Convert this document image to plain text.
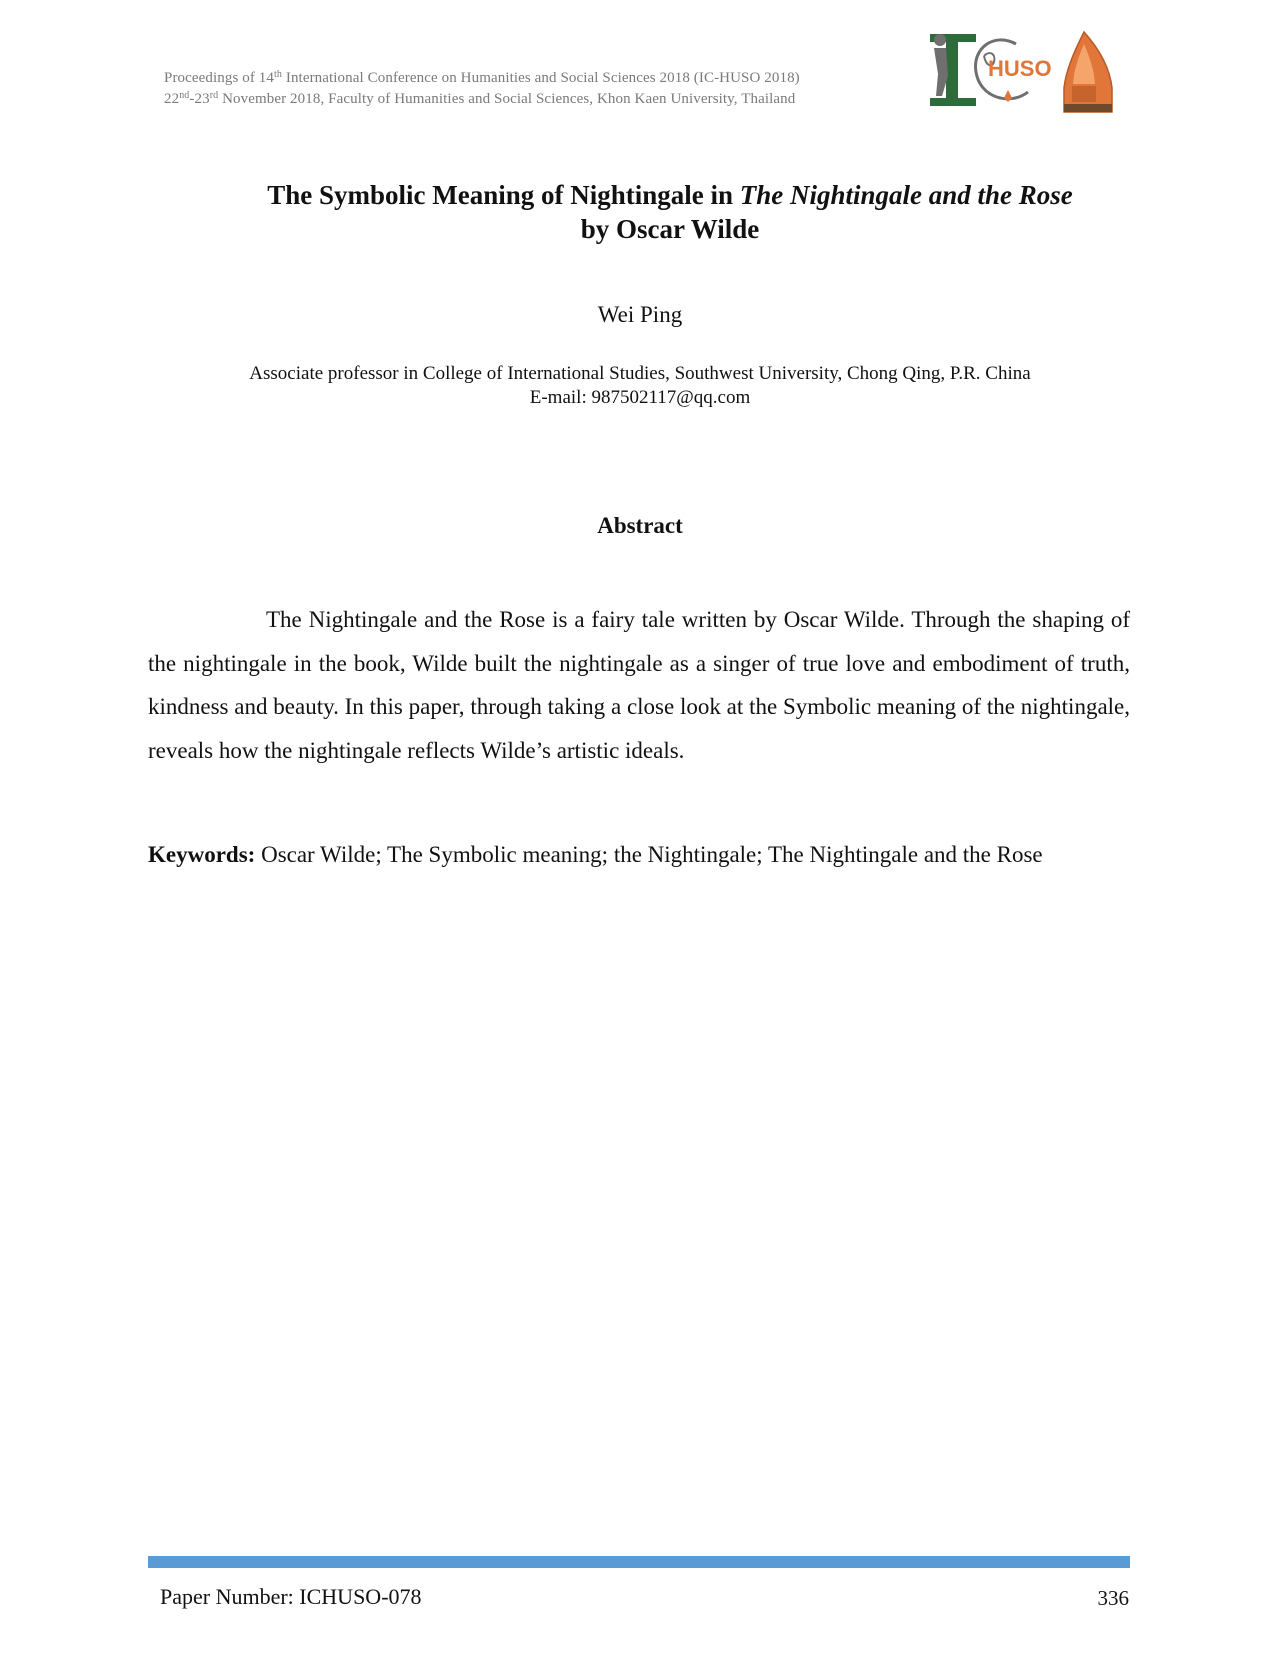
Proceedings of 14th International Conference on Humanities and Social Sciences 2018 (IC-HUSO 2018)
22nd-23rd November 2018, Faculty of Humanities and Social Sciences, Khon Kaen University, Thailand
HUSO
The Symbolic Meaning of Nightingale in The Nightingale and the Rose
by Oscar Wilde
Wei Ping
Associate professor in College of International Studies, Southwest University, Chong Qing, P.R. China
E-mail: 987502117@qq.com
Abstract
The Nightingale and the Rose is a fairy tale written by Oscar Wilde. Through the shaping of the nightingale in the book, Wilde built the nightingale as a singer of true love and embodiment of truth, kindness and beauty. In this paper, through taking a close look at the Symbolic meaning of the nightingale, reveals how the nightingale reflects Wilde’s artistic ideals.
Keywords: Oscar Wilde; The Symbolic meaning; the Nightingale; The Nightingale and the Rose
Paper Number: ICHUSO-078	336
